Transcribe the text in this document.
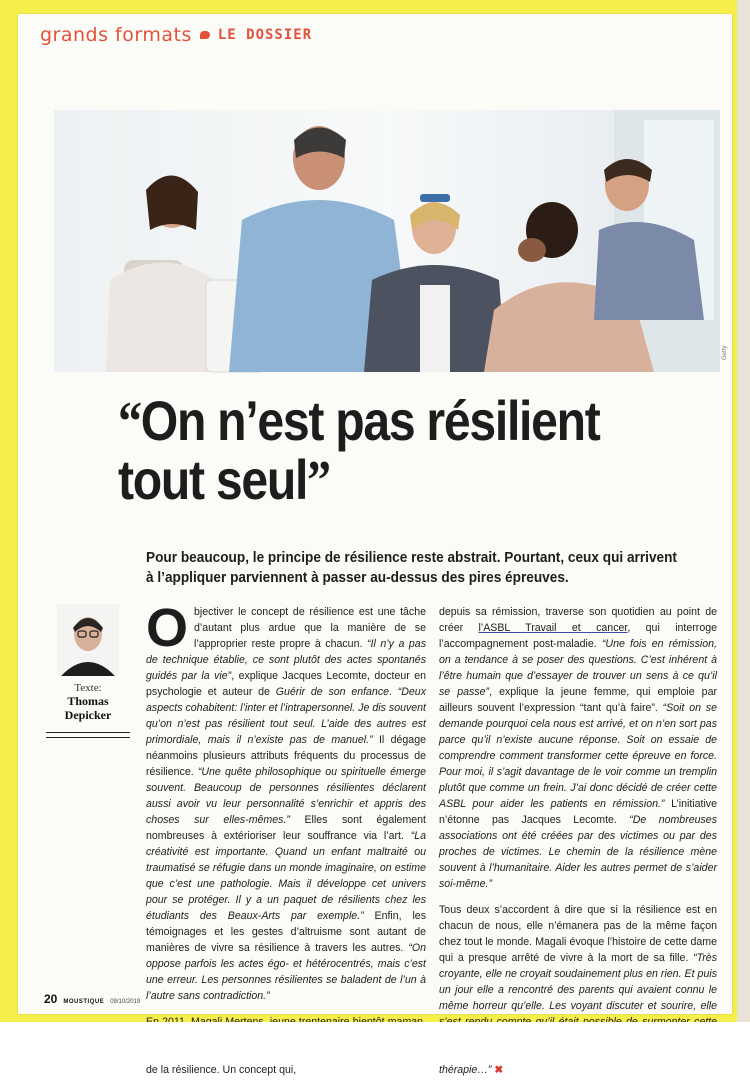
grands formats LE DOSSIER
Getty
“On n’est pas résilient
tout seul”
Pour beaucoup, le principe de résilience reste abstrait. Pourtant, ceux qui arrivent à l’appliquer parviennent à passer au-dessus des pires épreuves.
Texte:
Thomas
Depicker

Objectiver le concept de résilience est une tâche d’autant plus ardue que la manière de se l’approprier reste propre à chacun. “Il n’y a pas de technique établie, ce sont plutôt des actes spontanés guidés par la vie”, explique Jacques Lecomte, docteur en psychologie et auteur de Guérir de son enfance. “Deux aspects cohabitent: l’inter et l’intrapersonnel. Je dis souvent qu’on n’est pas résilient tout seul. L’aide des autres est primordiale, mais il n’existe pas de manuel.” Il dégage néanmoins plusieurs attributs fréquents du processus de résilience. “Une quête philosophique ou spirituelle émerge souvent. Beaucoup de personnes résilientes déclarent aussi avoir vu leur personnalité s’enrichir et appris des choses sur elles-mêmes.” Elles sont également nombreuses à extérioriser leur souffrance via l’art. “La créativité est importante. Quand un enfant maltraité ou traumatisé se réfugie dans un monde imaginaire, on estime que c’est une pathologie. Mais il développe cet univers pour se protéger. Il y a un paquet de résilients chez les étudiants des Beaux-Arts par exemple.” Enfin, les témoignages et les gestes d’altruisme sont autant de manières de vivre sa résilience à travers les autres. “On oppose parfois les actes égo- et hétérocentrés, mais c’est une erreur. Les personnes résilientes se baladent de l’un à l’autre sans contradiction.”

de la résilience. Un concept qui,

depuis sa rémission, traverse son quotidien au point de créer l’ASBL Travail et cancer, qui interroge l’accompagnement post-maladie. “Une fois en rémission, on a tendance à se poser des questions. C’est inhérent à l’être humain que d’essayer de trouver un sens à ce qu’il se passe”, explique la jeune femme, qui emploie par ailleurs souvent l’expression “tant qu’à faire”. “Soit on se demande pourquoi cela nous est arrivé, et on n’en sort pas parce qu’il n’existe aucune réponse. Soit on essaie de comprendre comment transformer cette épreuve en force. Pour moi, il s’agit davantage de le voir comme un tremplin plutôt que comme un frein. J’ai donc décidé de créer cette ASBL pour aider les patients en rémission.” L’initiative n’étonne pas Jacques Lecomte. “De nombreuses associations ont été créées par des victimes ou par des proches de victimes. Le chemin de la résilience mène souvent à l’humanitaire. Aider les autres permet de s’aider soi-même.”

Tous deux s’accordent à dire que si la résilience est en chacun de nous, elle n’émanera pas de la même façon chez tout le monde. Magali évoque l’histoire de cette dame qui a presque arrêté de vivre à la mort de sa fille. “Très croyante, elle ne croyait soudainement plus en rien. Et puis un jour elle a rencontré des parents qui avaient connu le même horreur qu’elle. Les voyant discuter et sourire, elle thérapie…” ✖

20 MOUSTIQUE 09/10/2019
